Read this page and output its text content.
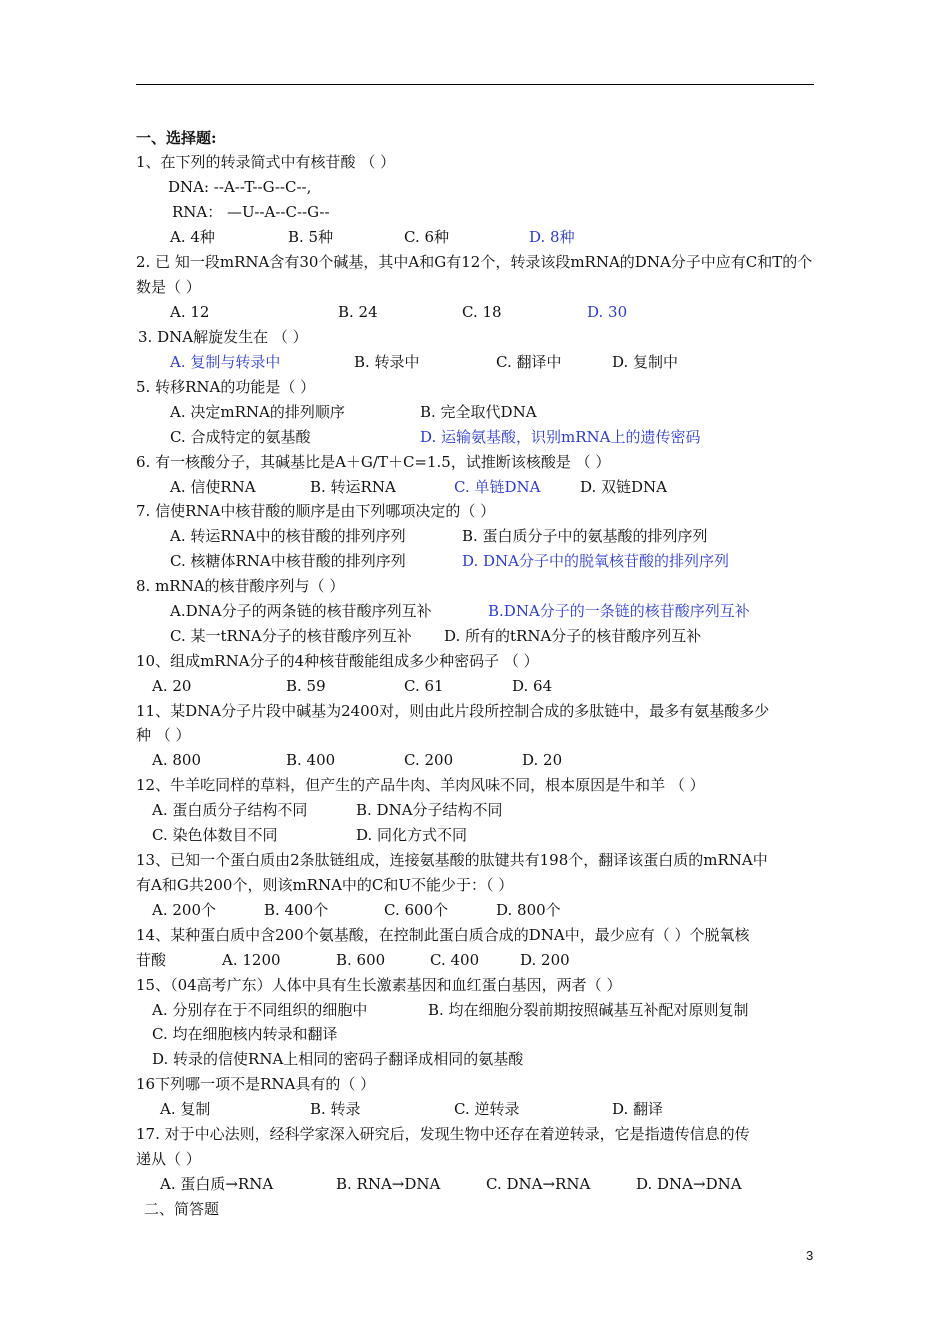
一、选择题:
1、在下列的转录简式中有核苷酸 （ ）
DNA: --A--T--G--C--,
RNA： —U--A--C--G--
A. 4种	B. 5种	C. 6种	D. 8种
2. 已 知一段mRNA含有30个碱基，其中A和G有12个，转录该段mRNA的DNA分子中应有C和T的个
数是（ ）
A. 12	B. 24	C. 18	D. 30
3. DNA解旋发生在 （ ）
A. 复制与转录中	B. 转录中	C. 翻译中	D. 复制中
5. 转移RNA的功能是（ ）
A. 决定mRNA的排列顺序	B. 完全取代DNA
C. 合成特定的氨基酸	D. 运输氨基酸，识别mRNA上的遗传密码
6. 有一核酸分子，其碱基比是A＋G/T＋C=1.5，试推断该核酸是 （ ）
A. 信使RNA	B. 转运RNA	C. 单链DNA	D. 双链DNA
7. 信使RNA中核苷酸的顺序是由下列哪项决定的（ ）
A. 转运RNA中的核苷酸的排列序列	B. 蛋白质分子中的氨基酸的排列序列
C. 核糖体RNA中核苷酸的排列序列	D. DNA分子中的脱氧核苷酸的排列序列
8. mRNA的核苷酸序列与（ ）
A.DNA分子的两条链的核苷酸序列互补	B.DNA分子的一条链的核苷酸序列互补
C. 某一tRNA分子的核苷酸序列互补 D. 所有的tRNA分子的核苷酸序列互补
10、组成mRNA分子的4种核苷酸能组成多少种密码子 （ ）
A. 20	B. 59	C. 61	D. 64
11、某DNA分子片段中碱基为2400对，则由此片段所控制合成的多肽链中，最多有氨基酸多少
种 （ ）
A. 800	B. 400	C. 200	D. 20
12、牛羊吃同样的草料，但产生的产品牛肉、羊肉风味不同，根本原因是牛和羊 （ ）
A. 蛋白质分子结构不同	B. DNA分子结构不同
C. 染色体数目不同	D. 同化方式不同
13、已知一个蛋白质由2条肽链组成，连接氨基酸的肽键共有198个，翻译该蛋白质的mRNA中
有A和G共200个，则该mRNA中的C和U不能少于：（ ）
A. 200个	B. 400个	C. 600个	D. 800个
14、某种蛋白质中含200个氨基酸，在控制此蛋白质合成的DNA中，最少应有（ ）个脱氧核
苷酸	A. 1200	B. 600	C. 400	D. 200
15、（04高考广东）人体中具有生长激素基因和血红蛋白基因，两者（ ）
A. 分别存在于不同组织的细胞中	B. 均在细胞分裂前期按照碱基互补配对原则复制
C. 均在细胞核内转录和翻译
D. 转录的信使RNA上相同的密码子翻译成相同的氨基酸
16下列哪一项不是RNA具有的（ ）
A. 复制	B. 转录	C. 逆转录	D. 翻译
17. 对于中心法则，经科学家深入研究后，发现生物中还存在着逆转录，它是指遗传信息的传
递从（ ）
A. 蛋白质→RNA	B. RNA→DNA	C. DNA→RNA	D. DNA→DNA
二、简答题
3
